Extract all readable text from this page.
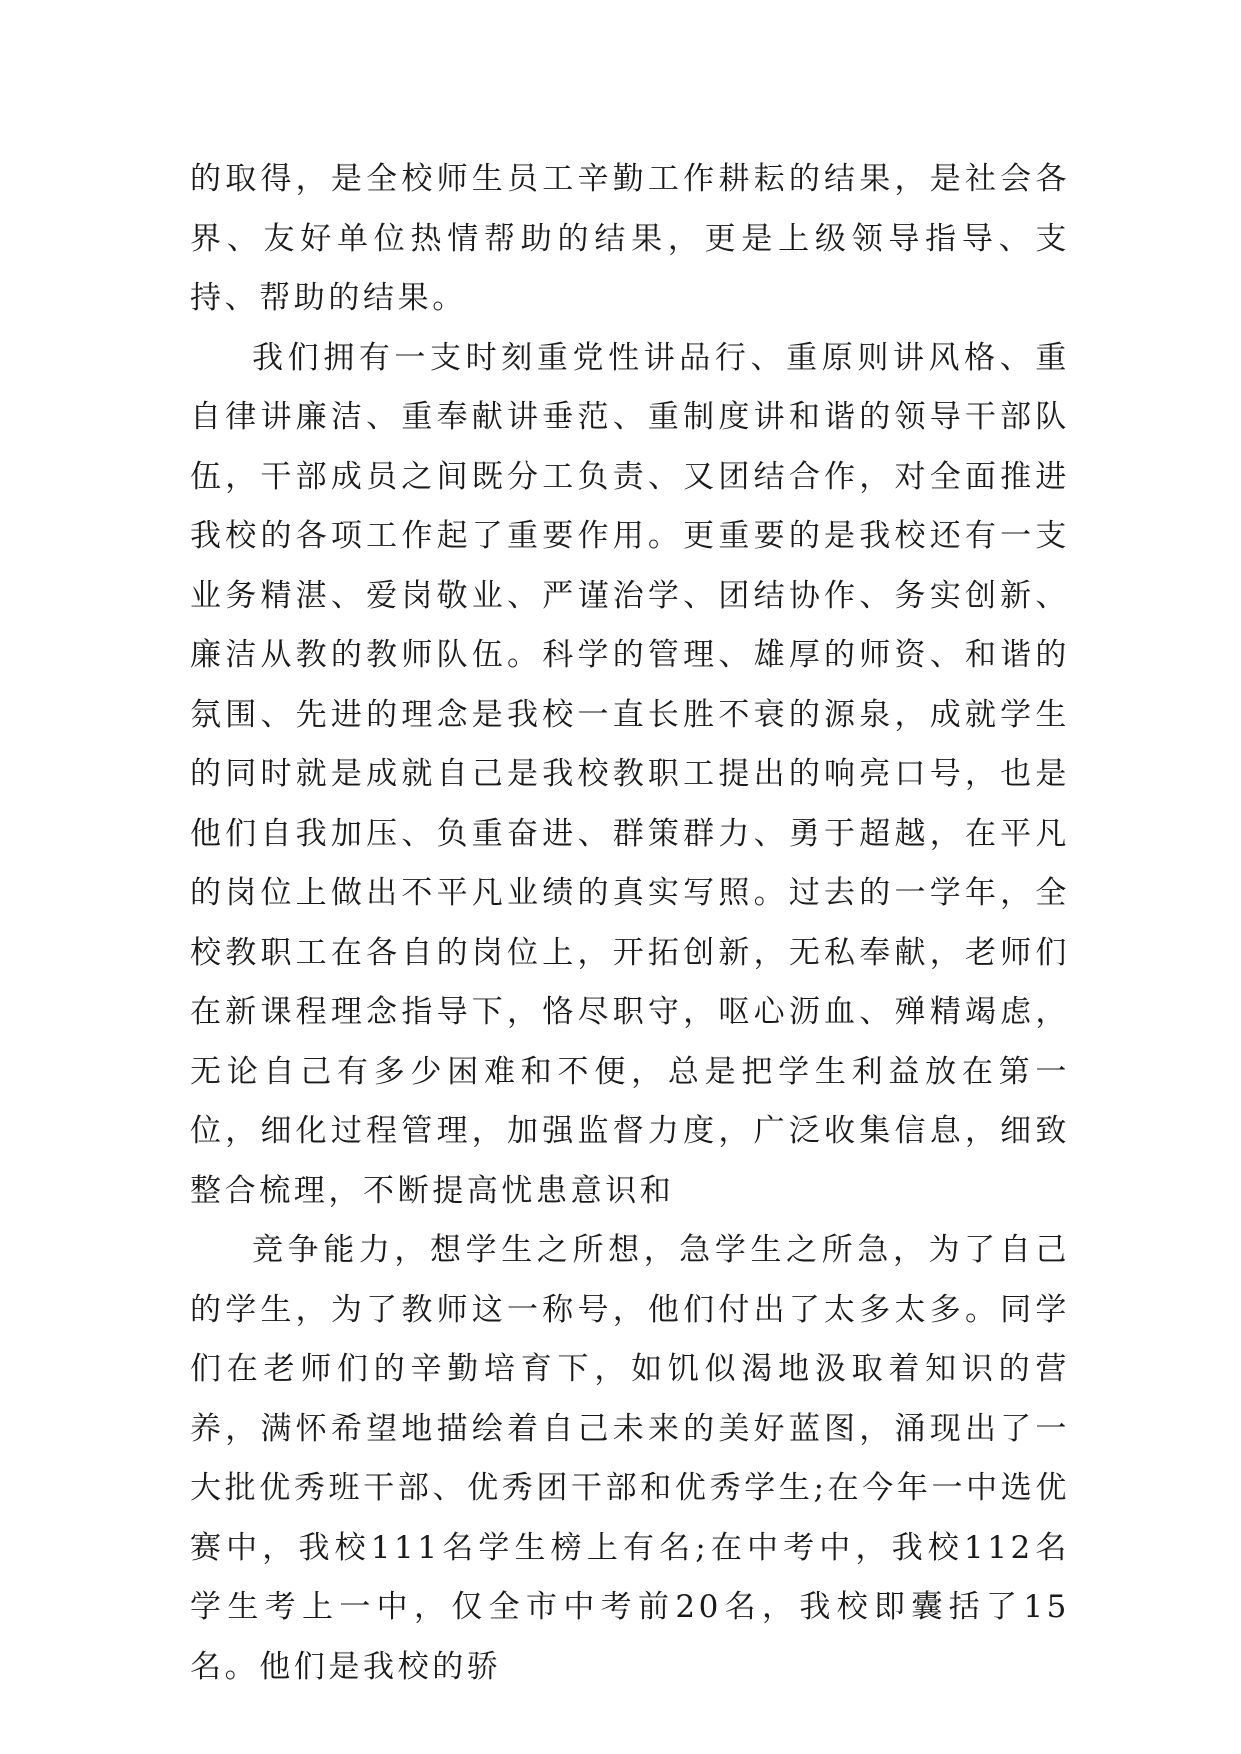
的取得，是全校师生员工辛勤工作耕耘的结果，是社会各界、友好单位热情帮助的结果，更是上级领导指导、支持、帮助的结果。

我们拥有一支时刻重党性讲品行、重原则讲风格、重自律讲廉洁、重奉献讲垂范、重制度讲和谐的领导干部队伍，干部成员之间既分工负责、又团结合作，对全面推进我校的各项工作起了重要作用。更重要的是我校还有一支业务精湛、爱岗敬业、严谨治学、团结协作、务实创新、廉洁从教的教师队伍。科学的管理、雄厚的师资、和谐的氛围、先进的理念是我校一直长胜不衰的源泉，成就学生的同时就是成就自己是我校教职工提出的响亮口号，也是他们自我加压、负重奋进、群策群力、勇于超越，在平凡的岗位上做出不平凡业绩的真实写照。过去的一学年，全校教职工在各自的岗位上，开拓创新，无私奉献，老师们在新课程理念指导下，恪尽职守，呕心沥血、殚精竭虑，无论自己有多少困难和不便，总是把学生利益放在第一位，细化过程管理，加强监督力度，广泛收集信息，细致整合梳理，不断提高忧患意识和

竞争能力，想学生之所想，急学生之所急，为了自己的学生，为了教师这一称号，他们付出了太多太多。同学们在老师们的辛勤培育下，如饥似渴地汲取着知识的营养，满怀希望地描绘着自己未来的美好蓝图，涌现出了一大批优秀班干部、优秀团干部和优秀学生;在今年一中选优赛中，我校111名学生榜上有名;在中考中，我校112名学生考上一中，仅全市中考前20名，我校即囊括了15名。他们是我校的骄
